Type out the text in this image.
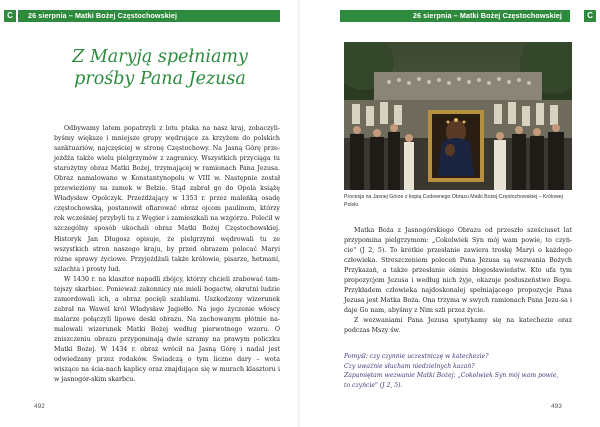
C	26 sierpnia – Matki Bożej Częstochowskiej
Z Maryją spełniamy
prośby Pana Jezusa

Odbywamy latem popatrzyli z lotu ptaka na nasz kraj, zobaczyli-byśmy większe i mniejsze grupy wędrujące za krzyżem do polskich sanktuariów, najczęściej w stronę Częstochowy. Na Jasną Górę prze-jeżdża także wielu pielgrzymów z zagranicy. Wszystkich przyciąga tu starożytny obraz Matki Bożej, trzymającej w ramionach Pana Jezusa. Obraz namalowano w Konstantynopolu w VIII w. Następnie został przewieziony na zamek w Bełzie. Stąd zabrał go do Opola książę Władysław Opolczyk. Przeżdżający w 1353 r. przez maleńką osadę częstochowską, postanowił ofiarować obraz ojcom paulinom, którzy rok wcześniej przybyli tu z Węgier i zamieszkali na wzgórzu. Polecił w szczególny sposób ukochali obraz Matki Bożej Częstochowskiej. Historyk Jan Długosz opisuje, że pielgrzymi wędrowali tu ze wszystkich stron naszego kraju, by przed obrazem polecać Maryi różne sprawy życiowe. Przyjeżdżali także królowie, pisarze, hetmani, szlachta i prosty lud.

W 1430 r. na klasztor napadli zbójcy, którzy chcieli zrabować tam-tejszy skarbiec. Ponieważ zakonnicy nie mieli bogactw, okrutni ludzie zamordowali ich, a obraz pocięli szablami. Uszkodzony wizerunek zabrał na Wawel król Władysław Jagiełło. Na jego życzenie włoscy malarze połączyli lipowe deski obrazu. Na zachowanym płótnie na-malowali wizerunek Matki Bożej według pierwotnego wzoru. O zniszczeniu obrazu przypominają dwie szramy na prawym policzku Matki Bożej. W 1434 r. obraz wrócił na Jasną Górę i nadal jest odwiedzany przez rodaków. Świadczą o tym liczne dary – wota wiszące na ścia-nach kaplicy oraz znajdujące się w murach klasztoru i w jasnogór-skim skarbcu.

492
C
26 sierpnia – Matki Bożej Częstochowskiej
Procesja na Jasnej Górze z kopią Cudownego Obrazu Matki Bożej Częstochowskiej – Królowej Polski.

Matka Boża z Jasnogórskiego Obrazu od przeszło sześciuset lat przypomina pielgrzymom: „Cokolwiek Syn mój wam powie, to czyń-cie" (J 2, 5). To krótkie przesłanie zawiera troskę Maryi o każdego człowieka. Streszczeniem poleceń Pana Jezusa są wezwania Bożych Przykazań, a także przesłanie ośmiu błogosławieństw. Kto ufa tym propozycjom Jezusa i według nich żyje, okazuje posłuszeństwo Bogu. Przykładem człowieka najdoskonalej spełniającego propozycje Pana Jezusa jest Matka Boża. Ona trzyma w swych ramionach Pana Jezu-sa i daje Go nam, abyśmy z Nim szli przez życie.

Z wezwaniami Pana Jezusa spotykamy się na katechezie oraz podczas Mszy św.

Pomyśl: czy czynnie uczestniczę w katechezie?
Czy uważnie słucham niedzielnych kazań?
Zapamiętam wezwanie Matki Bożej: „Cokolwiek Syn mój wam powie,
to czyńcie" (J 2, 5).
493
